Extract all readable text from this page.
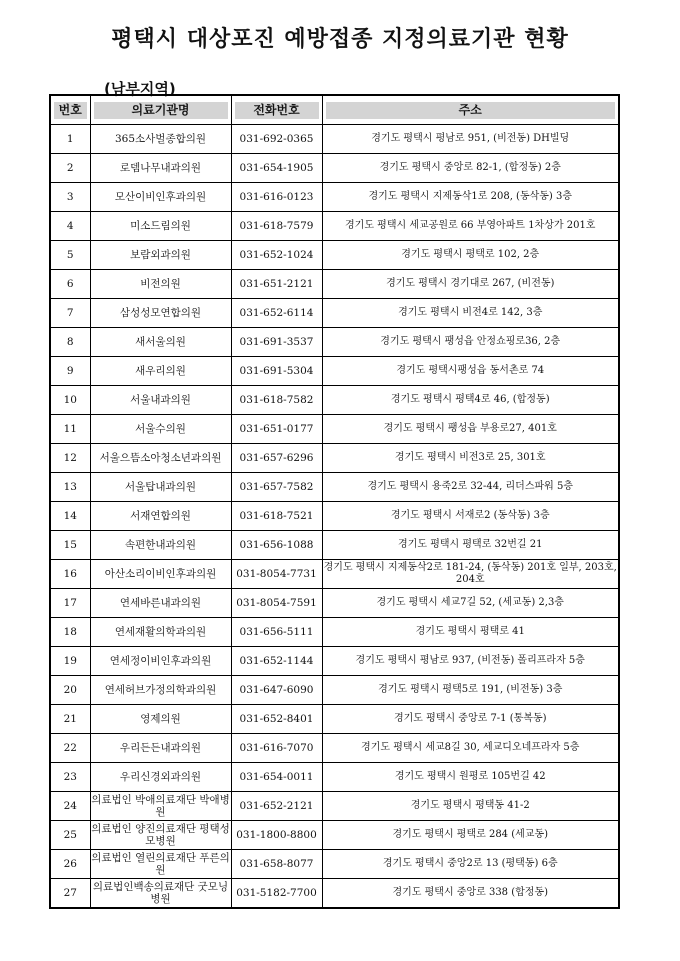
평택시 대상포진 예방접종 지정의료기관 현황
(남부지역)
번호	의료기관명	전화번호	주소

1	365소사벌종합의원	031-692-0365	경기도 평택시 평남로 951, (비전동) DH빌딩
2	로뎀나무내과의원	031-654-1905	경기도 평택시 중앙로 82-1, (합정동) 2층
3	모산이비인후과의원	031-616-0123	경기도 평택시 지제동삭1로 208, (동삭동) 3층
4	미소드림의원	031-618-7579	경기도 평택시 세교공원로 66 부영아파트 1차상가 201호
5	보람외과의원	031-652-1024	경기도 평택시 평택로 102, 2층
6	비전의원	031-651-2121	경기도 평택시 경기대로 267, (비전동)
7	삼성성모연합의원	031-652-6114	경기도 평택시 비전4로 142, 3층
8	새서울의원	031-691-3537	경기도 평택시 팽성읍 안정쇼핑로36, 2층
9	새우리의원	031-691-5304	경기도 평택시팽성읍 동서촌로 74
10	서울내과의원	031-618-7582	경기도 평택시 평택4로 46, (합정동)
11	서울수의원	031-651-0177	경기도 평택시 팽성읍 부용로27, 401호
12	서울으뜸소아청소년과의원	031-657-6296	경기도 평택시 비전3로 25, 301호
13	서울탑내과의원	031-657-7582	경기도 평택시 용죽2로 32-44, 리더스파워 5층
14	서재연합의원	031-618-7521	경기도 평택시 서재로2 (동삭동) 3층
15	속편한내과의원	031-656-1088	경기도 평택시 평택로 32번길 21
16	아산소리이비인후과의원	031-8054-7731	경기도 평택시 지제동삭2로 181-24, (동삭동) 201호 일부, 203호, 204호
17	연세바른내과의원	031-8054-7591	경기도 평택시 세교7길 52, (세교동) 2,3층
18	연세재활의학과의원	031-656-5111	경기도 평택시 평택로 41
19	연세정이비인후과의원	031-652-1144	경기도 평택시 평남로 937, (비전동) 폴리프라자 5층
20	연세허브가정의학과의원	031-647-6090	경기도 평택시 평택5로 191, (비전동) 3층
21	영제의원	031-652-8401	경기도 평택시 중앙로 7-1 (통복동)
22	우리든든내과의원	031-616-7070	경기도 평택시 세교8길 30, 세교디오네프라자 5층
23	우리신경외과의원	031-654-0011	경기도 평택시 원평로 105번길 42
24	의료법인 박애의료재단 박애병원	031-652-2121	경기도 평택시 평택동 41-2
25	의료법인 양진의료재단 평택성모병원	031-1800-8800	경기도 평택시 평택로 284 (세교동)
26	의료법인 열린의료재단 푸른의원	031-658-8077	경기도 평택시 중앙2로 13 (평택동) 6층
27	의료법인백송의료재단 굿모닝병원	031-5182-7700	경기도 평택시 중앙로 338 (합정동)
